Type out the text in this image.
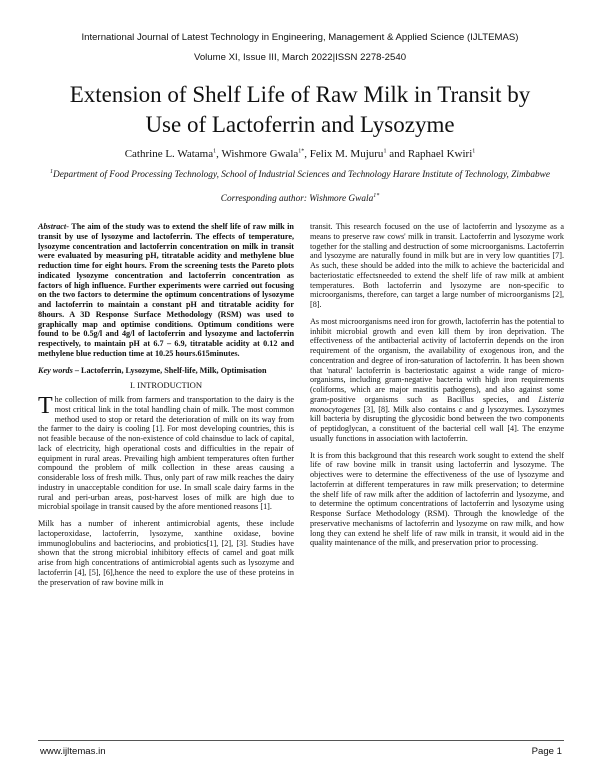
International Journal of Latest Technology in Engineering, Management & Applied Science (IJLTEMAS)
Volume XI, Issue III, March 2022|ISSN 2278-2540
Extension of Shelf Life of Raw Milk in Transit by
Use of Lactoferrin and Lysozyme
Cathrine L. Watama$^1$, Wishmore Gwala$^{1*}$, Felix M. Mujuru$^1$ and Raphael Kwiri$^1$
$^1$Department of Food Processing Technology, School of Industrial Sciences and Technology Harare Institute of Technology, Zimbabwe
Corresponding author: Wishmore Gwala$^{1*}$

Abstract- The aim of the study was to extend the shelf life of raw milk in transit by use of lysozyme and lactoferrin. The effects of temperature, lysozyme concentration and lactoferrin concentration on milk in transit were evaluated by measuring pH, titratable acidity and methylene blue reduction time for eight hours. From the screening tests the Pareto plots indicated lysozyme concentration and lactoferrin concentration as factors of high influence. Further experiments were carried out focusing on the two factors to determine the optimum concentrations of lysozyme and lactoferrin to maintain a constant pH and titratable acidity for 8hours. A 3D Response Surface Methodology (RSM) was used to graphically map and optimise conditions. Optimum conditions were found to be 0.5g/l and 4g/l of lactoferrin and lysozyme and lactoferrin respectively, to maintain pH at 6.7 – 6.9, titratable acidity at 0.12 and methylene blue reduction time at 10.25 hours.615minutes.

Key words – Lactoferrin, Lysozyme, Shelf-life, Milk, Optimisation

I. INTRODUCTION

The collection of milk from farmers and transportation to the dairy is the most critical link in the total handling chain of milk. The most common method used to stop or retard the deterioration of milk on its way from the farmer to the dairy is cooling [1]. For most developing countries, this is not feasible because of the non-existence of cold chainsdue to lack of capital, lack of electricity, high operational costs and difficulties in the repair of equipment in rural areas. Prevailing high ambient temperatures often further compound the problem of milk collection in these areas causing a considerable loss of fresh milk. Thus, only part of raw milk reaches the dairy industry in unacceptable condition for use. In small scale dairy farms in the rural and peri-urban areas, post-harvest loses of milk are high due to microbial spoilage in transit caused by the afore mentioned reasons [1].

Milk has a number of inherent antimicrobial agents, these include lactoperoxidase, lactoferrin, lysozyme, xanthine oxidase, bovine immunoglobulins and bacteriocins, and probiotics[1], [2], [3]. Studies have shown that the strong microbial inhibitory effects of camel and goat milk arise from high concentrations of antimicrobial agents such as lysozyme and lactoferrin [4], [5], [6],hence the need to explore the use of these proteins in the preservation of raw bovine milk in

transit. This research focused on the use of lactoferrin and lysozyme as a means to preserve raw cows' milk in transit. Lactoferrin and lysozyme work together for the stalling and destruction of some microorganisms. Lactoferrin and lysozyme are naturally found in milk but are in very low quantities [7]. As such, these should be added into the milk to achieve the bactericidal and bacteriostatic effectsneeded to extend the shelf life of raw milk at ambient temperatures. Both lactoferrin and lysozyme are non-specific to microorganisms, therefore, can target a large number of microorganisms [2], [8].

As most microorganisms need iron for growth, lactoferrin has the potential to inhibit microbial growth and even kill them by iron deprivation. The effectiveness of the antibacterial activity of lactoferrin depends on the iron requirement of the organism, the availability of exogenous iron, and the concentration and degree of iron-saturation of lactoferrin. It has been shown that 'natural' lactoferrin is bacteriostatic against a wide range of micro-organisms, including gram-negative bacteria with high iron requirements (coliforms, which are major mastitis pathogens), and also against some gram-positive organisms such as Bacillus species, and Listeria monocytogenes [3], [8]. Milk also contains c and g lysozymes. Lysozymes kill bacteria by disrupting the glycosidic bond between the two components of peptidoglycan, a constituent of the bacterial cell wall [4]. The enzyme usually functions in association with lactoferrin.

It is from this background that this research work sought to extend the shelf life of raw bovine milk in transit using lactoferrin and lysozyme. The objectives were to determine the effectiveness of the use of lysozyme and lactoferrin at different temperatures in raw milk preservation; to determine the shelf life of raw milk after the addition of lactoferrin and lysozyme, and to determine the optimum concentrations of lactoferrin and lysozyme using Response Surface Methodology (RSM). Through the knowledge of the preservative mechanisms of lactoferrin and lysozyme on raw milk, and how long they can extend he shelf life of raw milk in transit, it would aid in the quality maintenance of the milk, and preservation prior to processing.

www.ijltemas.in	Page 1
